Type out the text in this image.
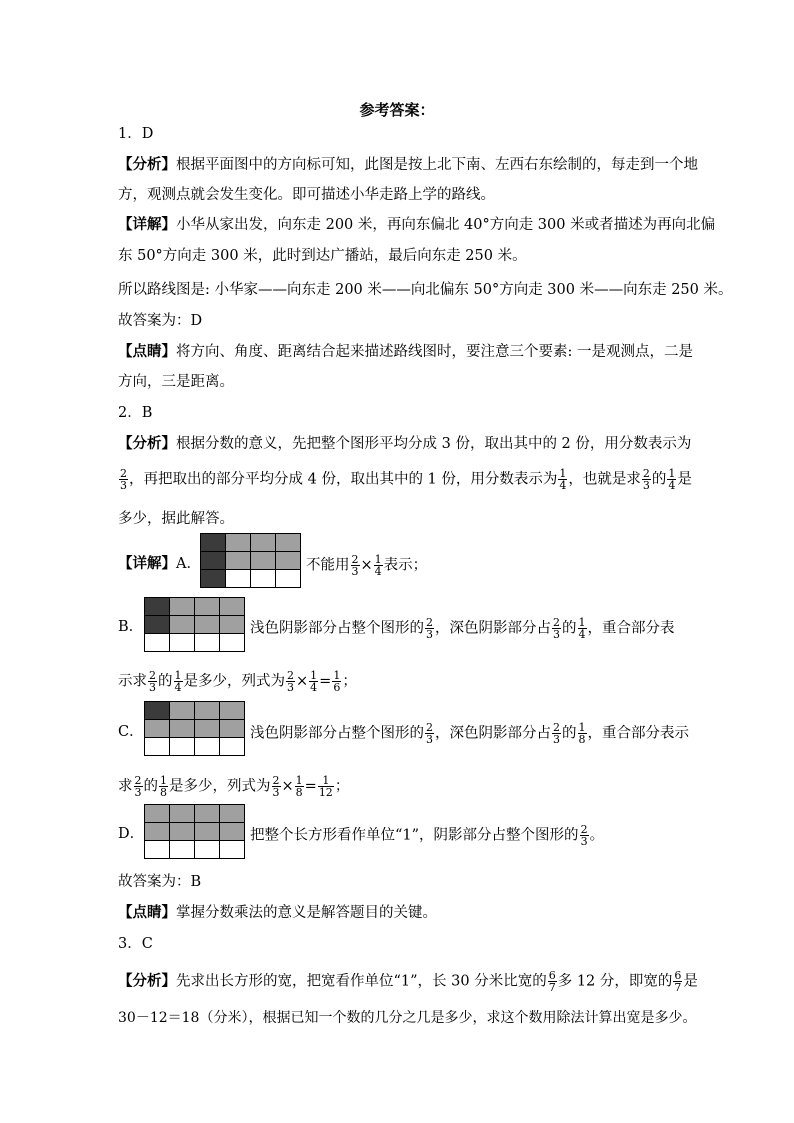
参考答案：
1．D
【分析】根据平面图中的方向标可知，此图是按上北下南、左西右东绘制的，每走到一个地
方，观测点就会发生变化。即可描述小华走路上学的路线。
【详解】小华从家出发，向东走 200 米，再向东偏北 40°方向走 300 米或者描述为再向北偏
东 50°方向走 300 米，此时到达广播站，最后向东走 250 米。
所以路线图是: 小华家——向东走 200 米——向北偏东 50°方向走 300 米——向东走 250 米。
故答案为：D
【点睛】将方向、角度、距离结合起来描述路线图时，要注意三个要素: 一是观测点，二是
方向，三是距离。
2．B
【分析】根据分数的意义，先把整个图形平均分成 3 份，取出其中的 2 份，用分数表示为
$\frac{2}{3}$ ，再把取出的部分平均分成 4 份，取出其中的 1 份，用分数表示为 $\frac{1}{4}$ ，也就是求 $\frac{2}{3}$ 的 $\frac{1}{4}$ 是
多少，据此解答。
【详解】A．

				不能用 $\frac{2}{3} \times \frac{1}{4}$ 表示；
B．

				浅色阴影部分占整个图形的 $\frac{2}{3}$ ，深色阴影部分占 $\frac{2}{3}$ 的 $\frac{1}{4}$ ，重合部分表
示求 $\frac{2}{3}$ 的 $\frac{1}{4}$ 是多少，列式为 $\frac{2}{3} \times \frac{1}{4} = \frac{1}{6}$ ；
C．

				浅色阴影部分占整个图形的 $\frac{2}{3}$ ，深色阴影部分占 $\frac{2}{3}$ 的 $\frac{1}{8}$ ，重合部分表示
求 $\frac{2}{3}$ 的 $\frac{1}{8}$ 是多少，列式为 $\frac{2}{3} \times \frac{1}{8} = \frac{1}{12}$ ；
D．

				把整个长方形看作单位“1”，阴影部分占整个图形的 $\frac{2}{3}$ 。
故答案为：B
【点睛】掌握分数乘法的意义是解答题目的关键。
3．C
【分析】先求出长方形的宽，把宽看作单位“1”，长 30 分米比宽的 $\frac{6}{7}$ 多 12 分，即宽的 $\frac{6}{7}$ 是
30－12＝18（分米），根据已知一个数的几分之几是多少，求这个数用除法计算出宽是多少。
